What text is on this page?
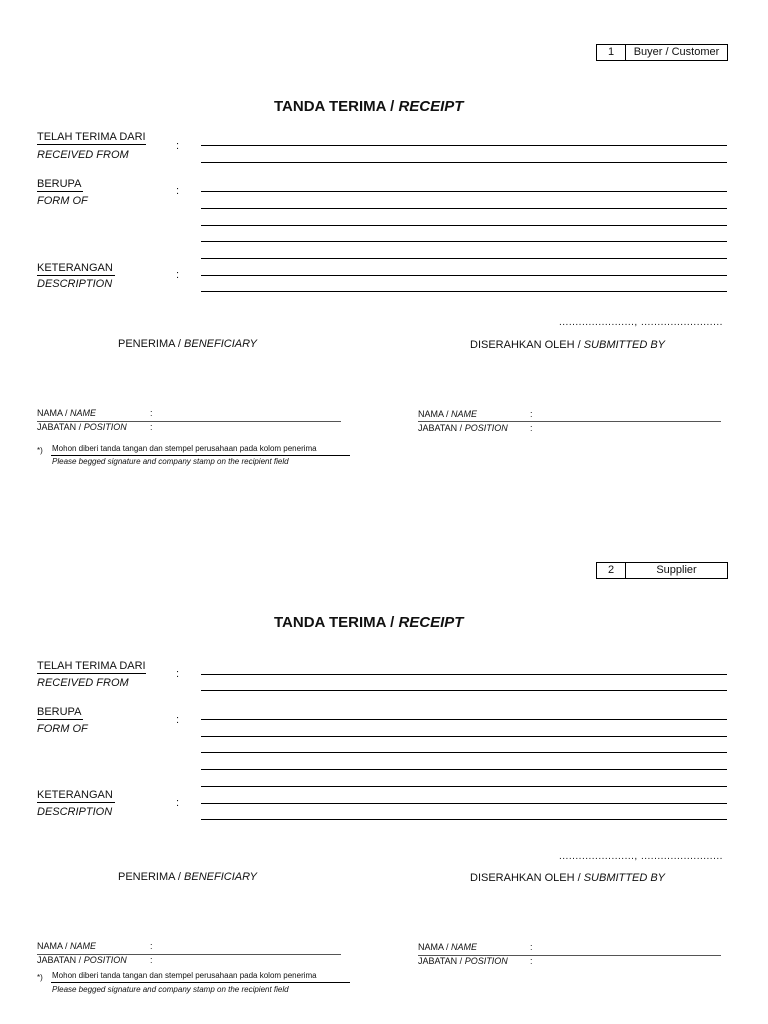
1	Buyer / Customer
TANDA TERIMA / RECEIPT
TELAH TERIMA DARI
RECEIVED FROM
:
BERUPA
FORM OF
:
KETERANGAN
DESCRIPTION
:
......................., .........................
PENERIMA / BENEFICIARY	DISERAHKAN OLEH / SUBMITTED BY
NAMA / NAME	:
JABATAN / POSITION	:
NAMA / NAME	:
JABATAN / POSITION :
*) Mohon diberi tanda tangan dan stempel perusahaan pada kolom penerima
Please begged signature and company stamp on the recipient field
2	Supplier
TANDA TERIMA / RECEIPT
TELAH TERIMA DARI
RECEIVED FROM
:
BERUPA
FORM OF
:
KETERANGAN
DESCRIPTION
:
......................., .........................
PENERIMA / BENEFICIARY	DISERAHKAN OLEH / SUBMITTED BY
NAMA / NAME	:
JABATAN / POSITION	:
NAMA / NAME	:
JABATAN / POSITION :
*) Mohon diberi tanda tangan dan stempel perusahaan pada kolom penerima
Please begged signature and company stamp on the recipient field
